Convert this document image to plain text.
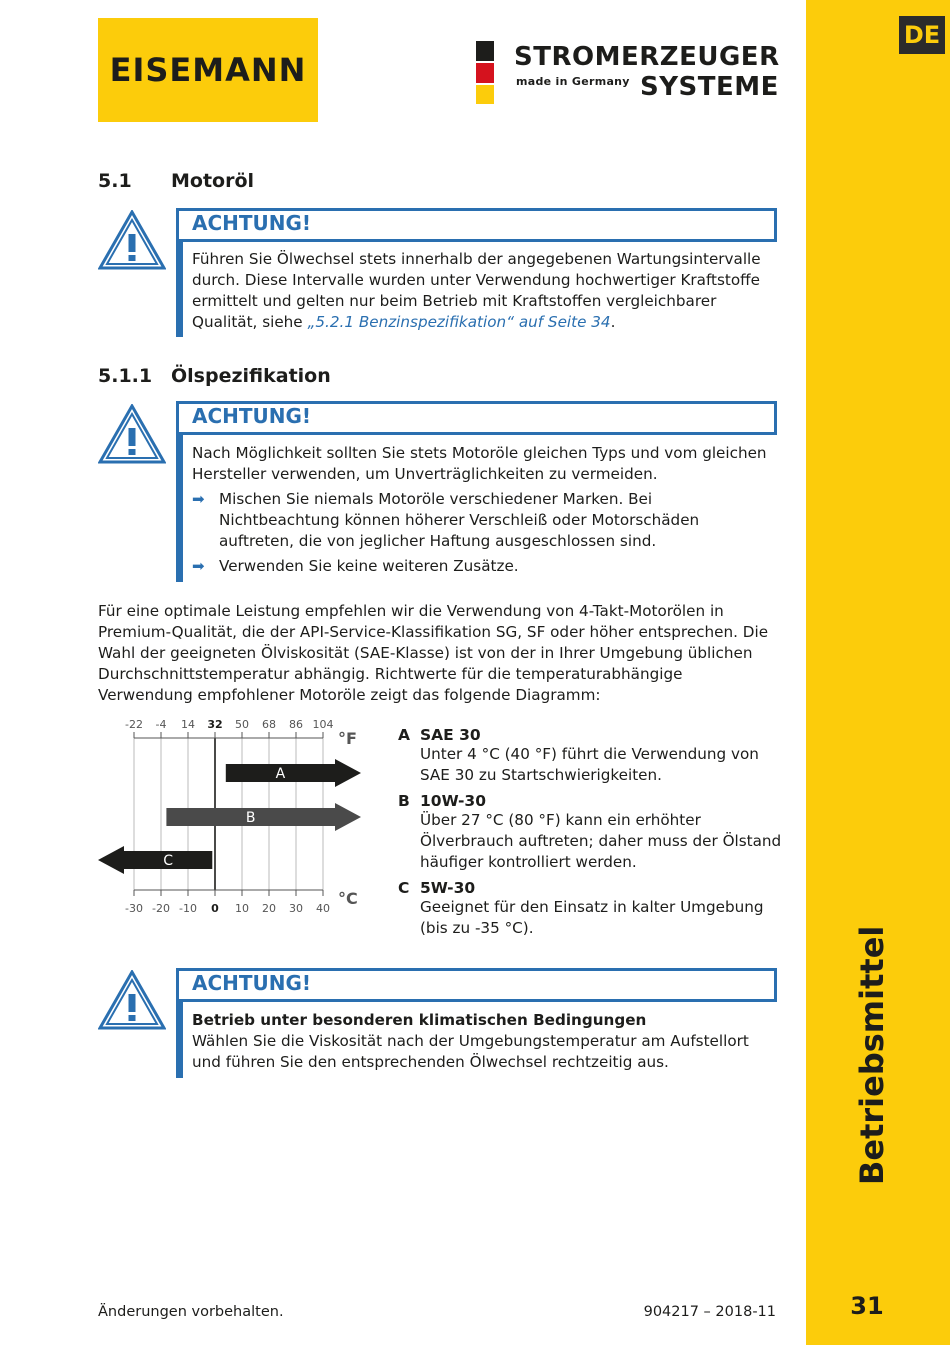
DE
31
EISEMANN	STROMERZEUGER
made in Germany SYSTEME
5.1 Motoröl
ACHTUNG!
Führen Sie Ölwechsel stets innerhalb der angegebenen Wartungsintervalle durch. Diese Intervalle wurden unter Verwendung hochwertiger Kraftstoffe ermittelt und gelten nur beim Betrieb mit Kraftstoffen vergleichbarer Qualität, siehe „5.2.1 Benzinspezifikation“ auf Seite 34.
5.1.1 Ölspezifikation
ACHTUNG!

Nach Möglichkeit sollten Sie stets Motoröle gleichen Typs und vom gleichen Hersteller verwenden, um Unverträglichkeiten zu vermeiden.

➡ Mischen Sie niemals Motoröle verschiedener Marken. Bei Nichtbeachtung können höherer Verschleiß oder Motorschäden auftreten, die von jeglicher Haftung ausgeschlossen sind.
➡ Verwenden Sie keine weiteren Zusätze.
Für eine optimale Leistung empfehlen wir die Verwendung von 4-Takt-Motorölen in Premium-Qualität, die der API-Service-Klassifikation SG, SF oder höher entsprechen. Die Wahl der geeigneten Ölviskosität (SAE-Klasse) ist von der in Ihrer Umgebung üblichen Durchschnittstemperatur abhängig. Richtwerte für die temperaturabhängige Verwendung empfohlener Motoröle zeigt das folgende Diagramm:
-22 -4 14 32 50 68 86 104
-30 -20 -10 0 10 20 30 40
A
B
C
°F
°C
A SAE 30
Unter 4 °C (40 °F) führt die Verwendung von SAE 30 zu Startschwierigkeiten.
B 10W-30
Über 27 °C (80 °F) kann ein erhöhter Ölverbrauch auftreten; daher muss der Ölstand häufiger kontrolliert werden.
C 5W-30
Geeignet für den Einsatz in kalter Umgebung (bis zu -35 °C).
ACHTUNG!

Betrieb unter besonderen klimatischen Bedingungen

Wählen Sie die Viskosität nach der Umgebungstemperatur am Aufstellort und führen Sie den entsprechenden Ölwechsel rechtzeitig aus.

Änderungen vorbehalten.	904217 – 2018-11
